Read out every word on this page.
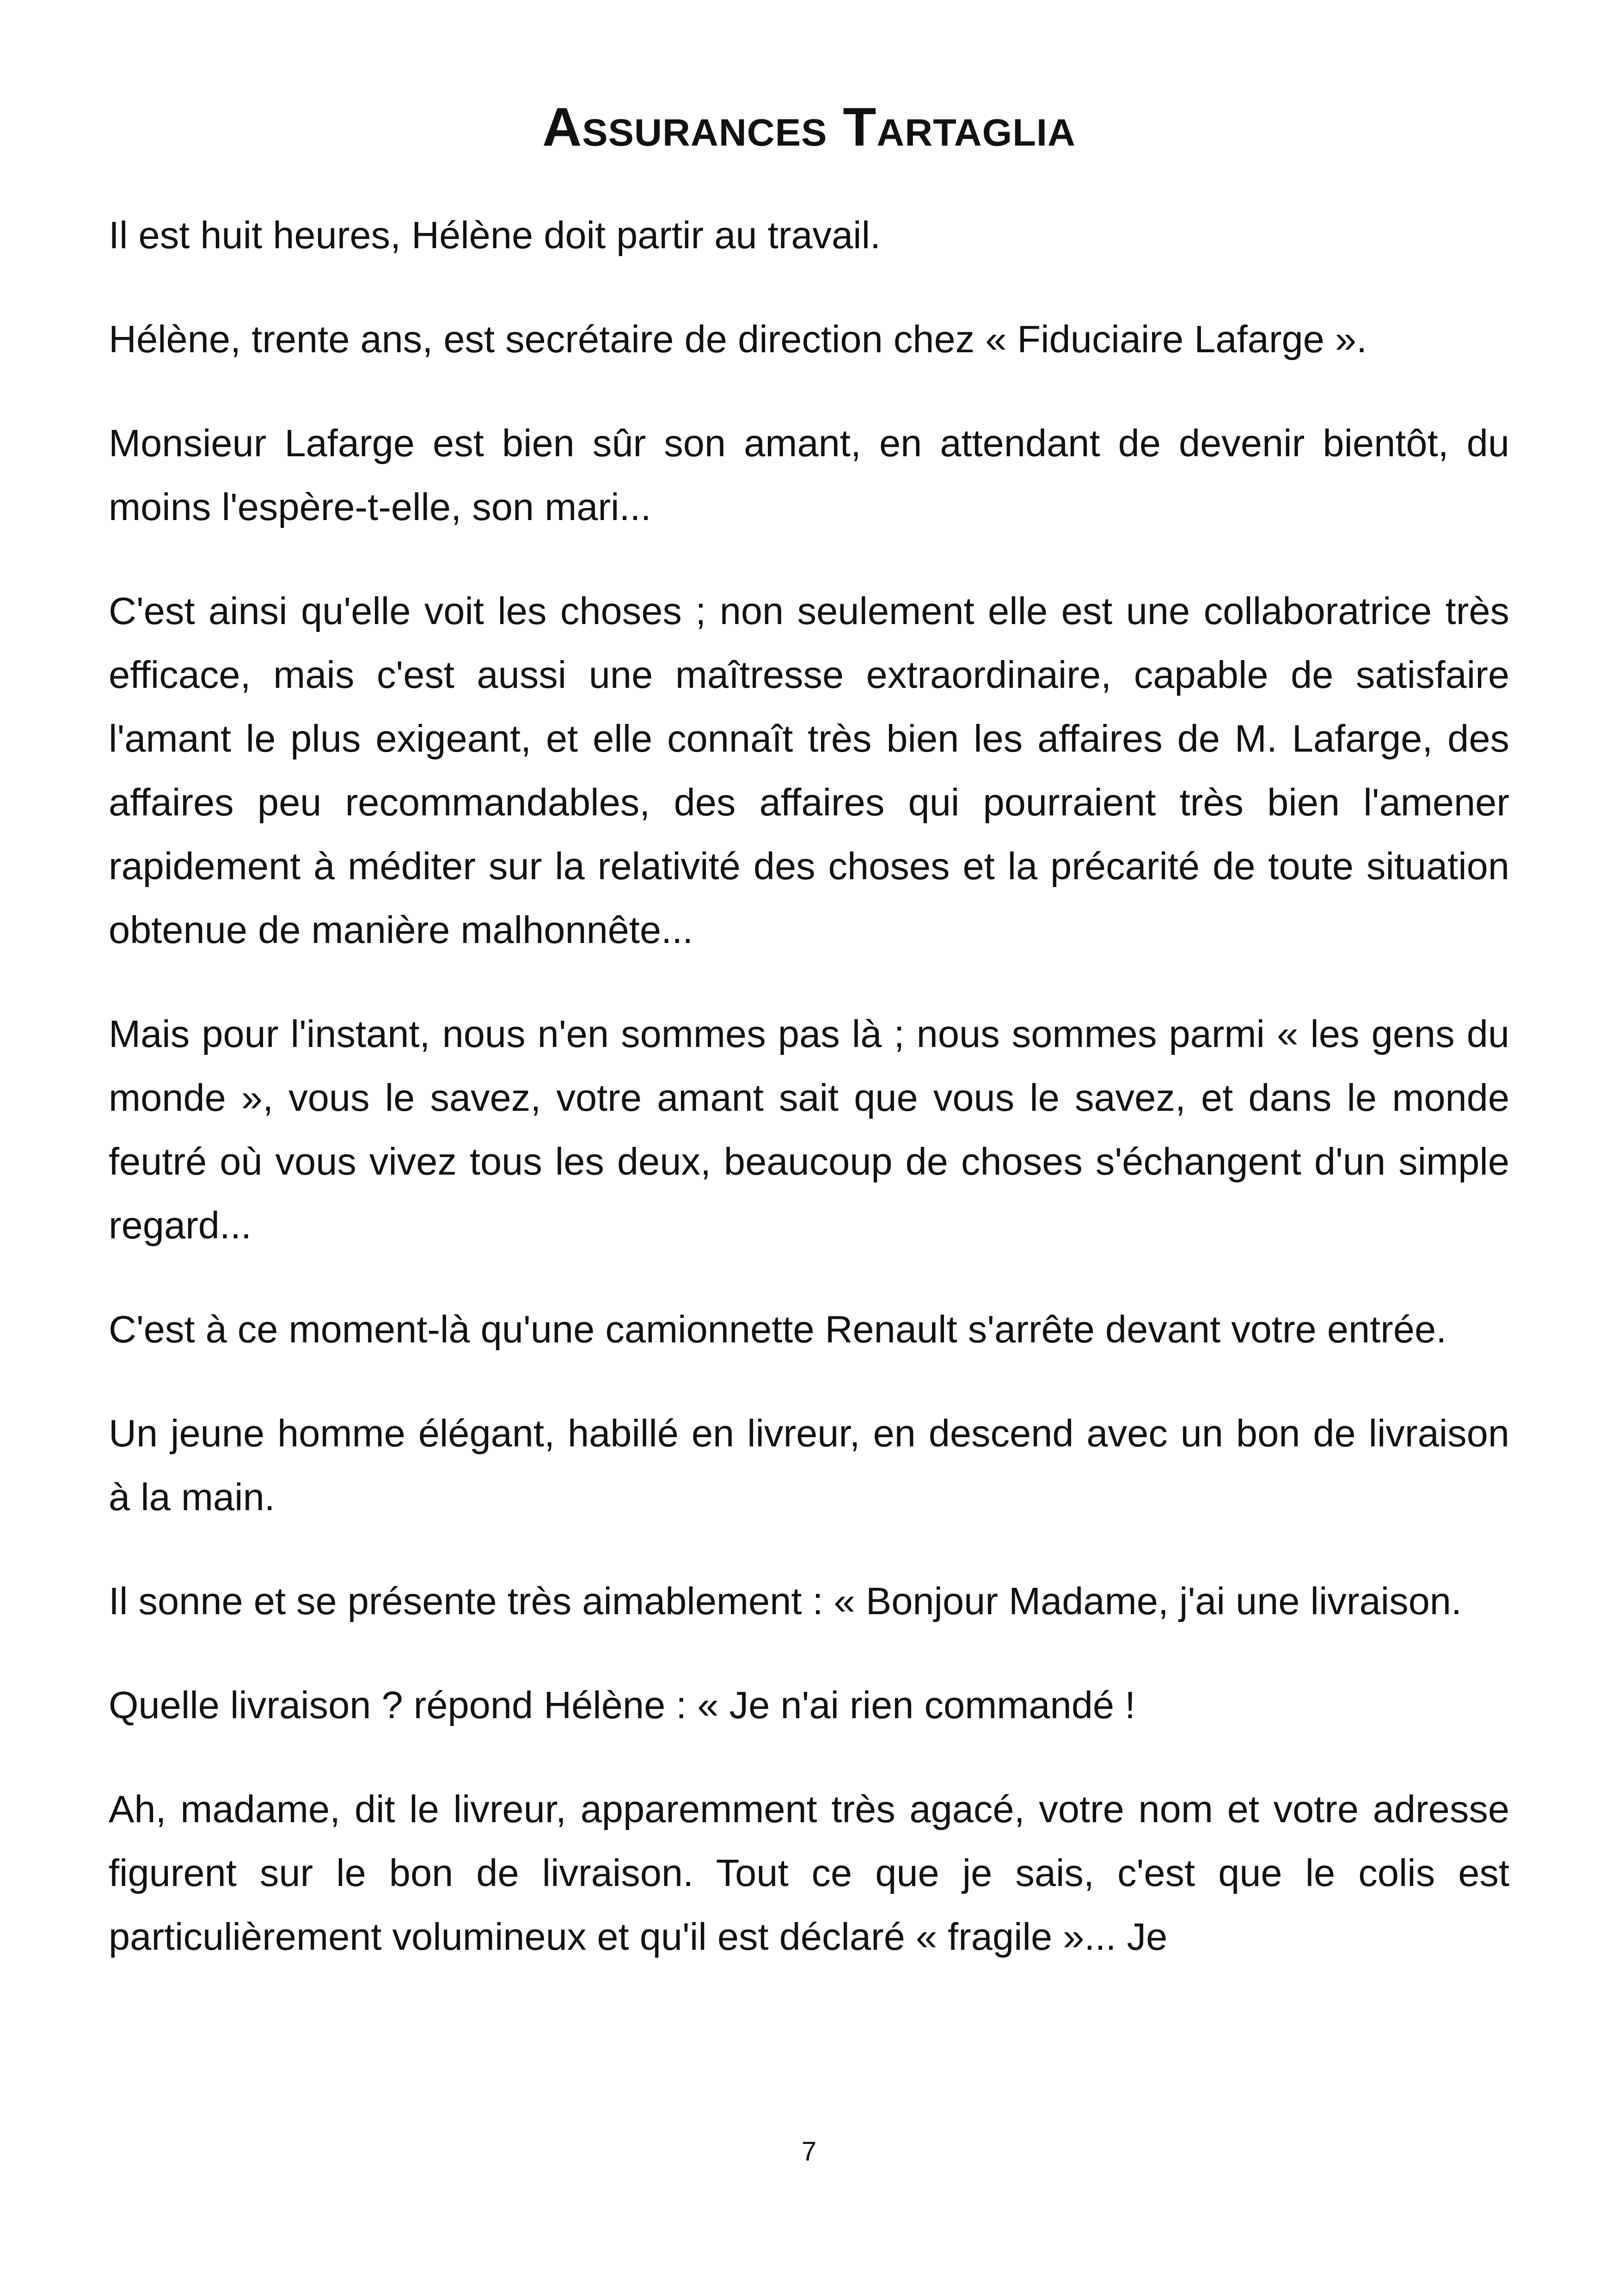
Assurances Tartaglia

Il est huit heures, Hélène doit partir au travail.

Hélène, trente ans, est secrétaire de direction chez « Fiduciaire Lafarge ».

Monsieur Lafarge est bien sûr son amant, en attendant de devenir bientôt, du moins l'espère-t-elle, son mari...

C'est ainsi qu'elle voit les choses ; non seulement elle est une collaboratrice très efficace, mais c'est aussi une maîtresse extraordinaire, capable de satisfaire l'amant le plus exigeant, et elle connaît très bien les affaires de M. Lafarge, des affaires peu recommandables, des affaires qui pourraient très bien l'amener rapidement à méditer sur la relativité des choses et la précarité de toute situation obtenue de manière malhonnête...

Mais pour l'instant, nous n'en sommes pas là ; nous sommes parmi « les gens du monde », vous le savez, votre amant sait que vous le savez, et dans le monde feutré où vous vivez tous les deux, beaucoup de choses s'échangent d'un simple regard...

C'est à ce moment-là qu'une camionnette Renault s'arrête devant votre entrée.

Un jeune homme élégant, habillé en livreur, en descend avec un bon de livraison à la main.

Il sonne et se présente très aimablement : « Bonjour Madame, j'ai une livraison.

Quelle livraison ? répond Hélène : « Je n'ai rien commandé !

Ah, madame, dit le livreur, apparemment très agacé, votre nom et votre adresse figurent sur le bon de livraison. Tout ce que je sais, c'est que le colis est particulièrement volumineux et qu'il est déclaré « fragile »... Je

7
